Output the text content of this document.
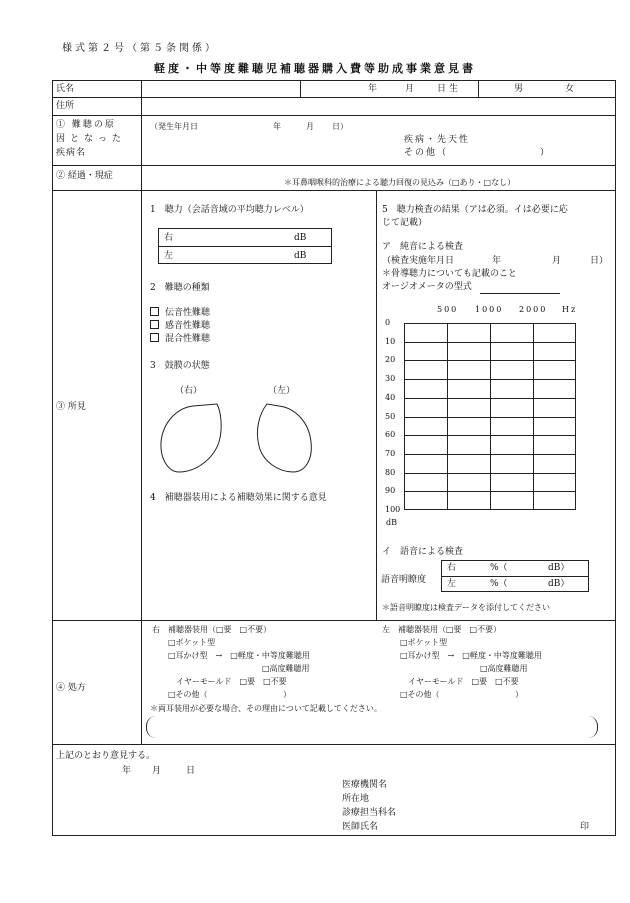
様式第２号（第５条関係）
軽度・中等度難聴児補聴器購入費等助成事業意見書
氏名	年	月	日生	男	女
住所
① 難聴の原
因となった
疾病名
（発生年月日	年	月 日）
疾病・先天性
その他（	）
② 経過・現症
＊耳鼻咽喉科的治療による聴力回復の見込み（□あり・□なし）
③ 所見
1　聴力（会話音域の平均聴力レベル）
右	dB
左	dB
2　難聴の種類
伝音性難聴
感音性難聴
混合性難聴
3　鼓膜の状態
（右）	（左）
4　補聴器装用による補聴効果に関する意見
5　聴力検査の結果（アは必須。イは必要に応
じて記載）
ア　純音による検査
（検査実施年月日	年	月	日）
＊骨導聴力についても記載のこと
オージオメータの型式
500 1000 2000 Hz
0
10
20
30
40
50
60
70
80
90
100
dB
イ　語音による検査
語音明瞭度
右	%（	dB）
左	%（	dB）
＊語音明瞭度は検査データを添付してください
④ 処方
右　補聴器装用（□要　□不要）
□ポケット型
□耳かけ型　→　□軽度・中等度難聴用
□高度難聴用
イヤーモールド　□要　□不要
□その他（	）
左　補聴器装用（□要　□不要）
□ポケット型
□耳かけ型　→　□軽度・中等度難聴用
□高度難聴用
イヤーモールド　□要　□不要
□その他（	）
＊両耳装用が必要な場合、その理由について記載してください。
上記のとおり意見する。
年 月	日
医療機関名
所在地
診療担当科名
医師氏名	印
